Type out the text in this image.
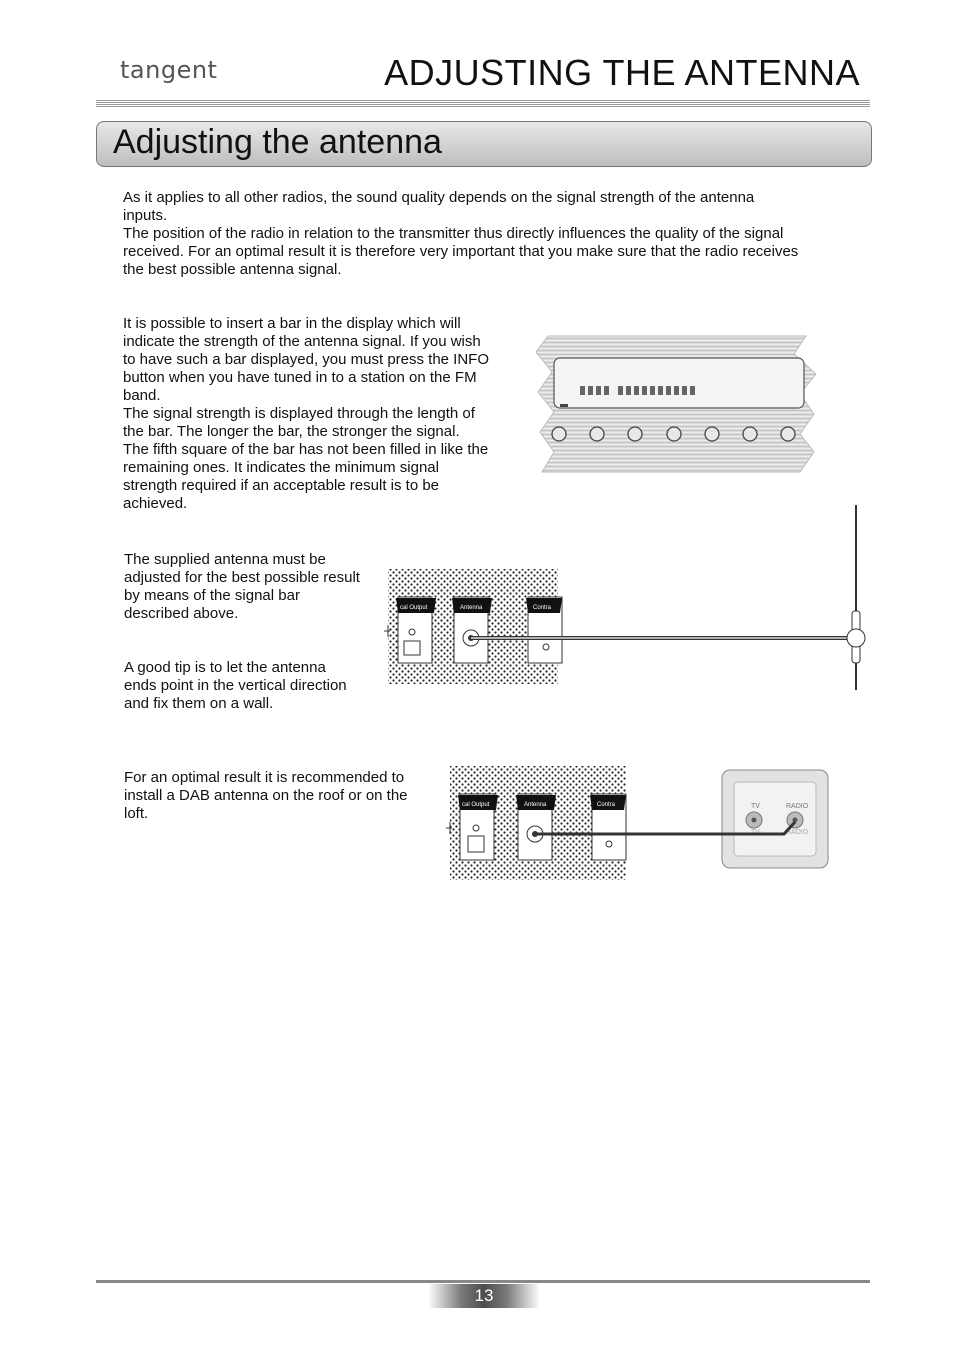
tangent	ADJUSTING THE ANTENNA
Adjusting the antenna

As it applies to all other radios, the sound quality depends on the signal strength of the antenna
inputs.
The position of the radio in relation to the transmitter thus directly influences the quality of the signal
received. For an optimal result it is therefore very important that you make sure that the radio receives
the best possible antenna signal.

It is possible to insert a bar in the display which will
indicate the strength of the antenna signal. If you wish
to have such a bar displayed, you must press the INFO
button when you have tuned in to a station on the FM
band.
The signal strength is displayed through the length of
the bar. The longer the bar, the stronger the signal.
The fifth square of the bar has not been filled in like the
remaining ones. It indicates the minimum signal
strength required if an acceptable result is to be
achieved.

The supplied antenna must be
adjusted for the best possible result
by means of the signal bar
described above.

A good tip is to let the antenna
ends point in the vertical direction
and fix them on a wall.

For an optimal result it is recommended to
install a DAB antenna on the roof or on the
loft.

cal Output	Antenna	Contra
cal Output	Antenna	Contra	TV	RADIO
TV	RADIO
13
